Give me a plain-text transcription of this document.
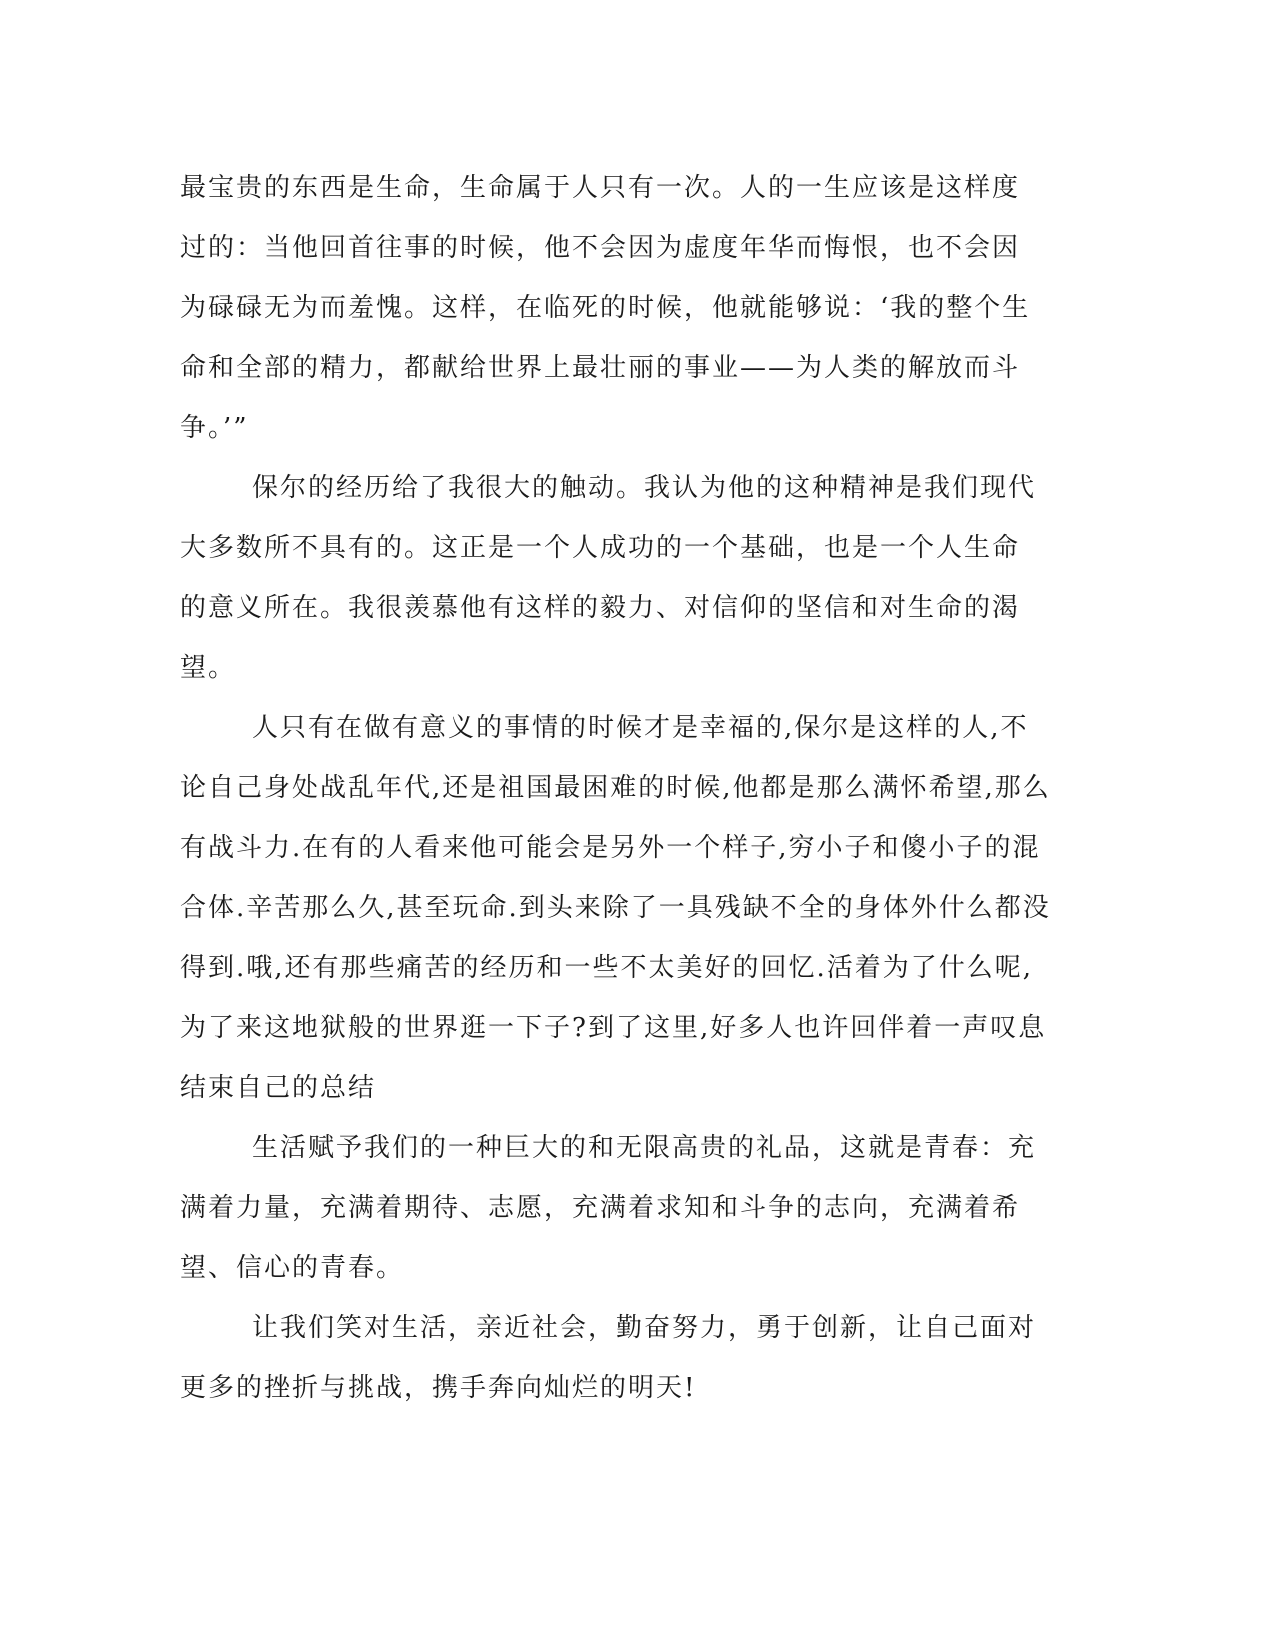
最宝贵的东西是生命，生命属于人只有一次。人的一生应该是这样度
过的：当他回首往事的时候，他不会因为虚度年华而悔恨，也不会因
为碌碌无为而羞愧。这样，在临死的时候，他就能够说：‘我的整个生
命和全部的精力，都献给世界上最壮丽的事业——为人类的解放而斗
争。’”
保尔的经历给了我很大的触动。我认为他的这种精神是我们现代
大多数所不具有的。这正是一个人成功的一个基础，也是一个人生命
的意义所在。我很羡慕他有这样的毅力、对信仰的坚信和对生命的渴
望。
人只有在做有意义的事情的时候才是幸福的,保尔是这样的人,不
论自己身处战乱年代,还是祖国最困难的时候,他都是那么满怀希望,那么
有战斗力.在有的人看来他可能会是另外一个样子,穷小子和傻小子的混
合体.辛苦那么久,甚至玩命.到头来除了一具残缺不全的身体外什么都没
得到.哦,还有那些痛苦的经历和一些不太美好的回忆.活着为了什么呢,
为了来这地狱般的世界逛一下子?到了这里,好多人也许回伴着一声叹息
结束自己的总结
生活赋予我们的一种巨大的和无限高贵的礼品，这就是青春：充
满着力量，充满着期待、志愿，充满着求知和斗争的志向，充满着希
望、信心的青春。
让我们笑对生活，亲近社会，勤奋努力，勇于创新，让自己面对
更多的挫折与挑战，携手奔向灿烂的明天!
